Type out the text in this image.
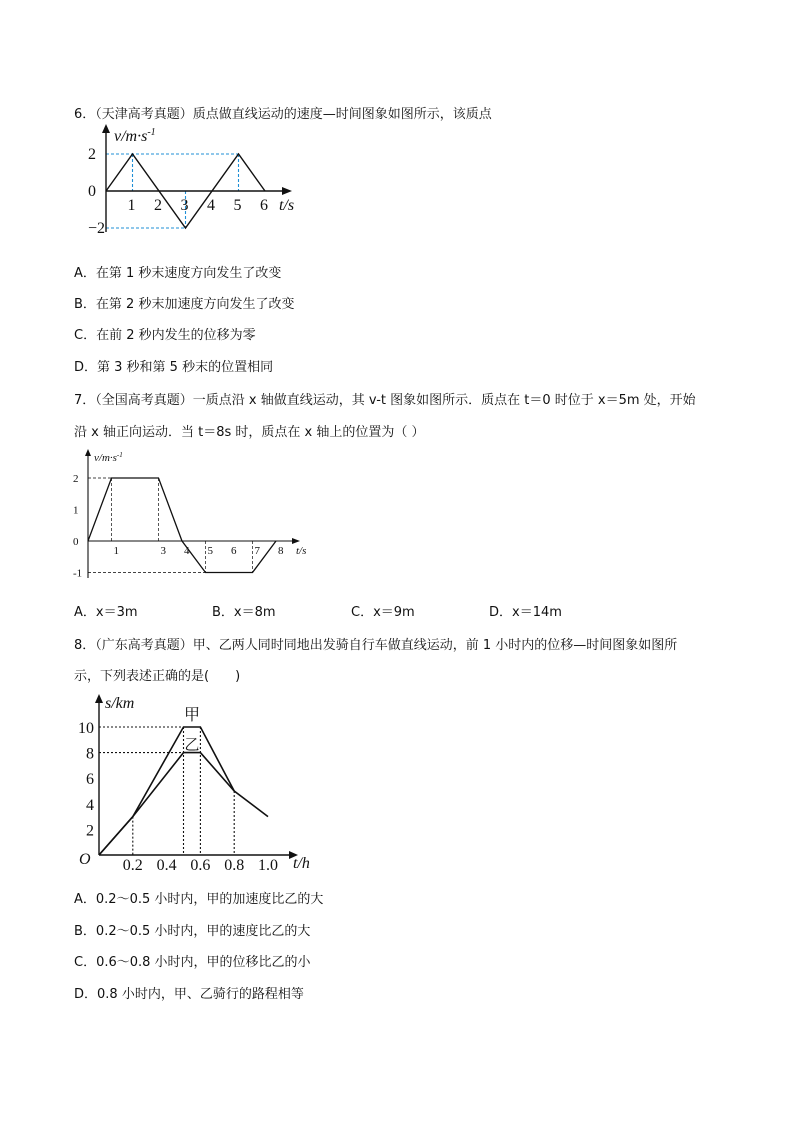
6．（天津高考真题）质点做直线运动的速度—时间图象如图所示，该质点
$v/m\cdot s^{-1}$
t/s
2
0
−2
1 2 3 4 5 6
A．在第 1 秒末速度方向发生了改变
B．在第 2 秒末加速度方向发生了改变
C．在前 2 秒内发生的位移为零
D．第 3 秒和第 5 秒末的位置相同
7．（全国高考真题）一质点沿 x 轴做直线运动，其 v-t 图象如图所示．质点在 t＝0 时位于 x＝5m 处，开始
沿 x 轴正向运动．当 t＝8s 时，质点在 x 轴上的位置为（ ）
$v/m\cdot s^{-1}$
t/s
2
1
0
-1
1	3 4 5 6 7 8
A．x＝3m	B．x＝8m	C．x＝9m	D．x＝14m
8．（广东高考真题）甲、乙两人同时同地出发骑自行车做直线运动，前 1 小时内的位移—时间图象如图所
示，下列表述正确的是(　　)
s/km
t/h
O
10
8
6
4
2
0.2 0.4 0.6 0.8 1.0
甲
乙
A．0.2～0.5 小时内，甲的加速度比乙的大
B．0.2～0.5 小时内，甲的速度比乙的大
C．0.6～0.8 小时内，甲的位移比乙的小
D．0.8 小时内，甲、乙骑行的路程相等
